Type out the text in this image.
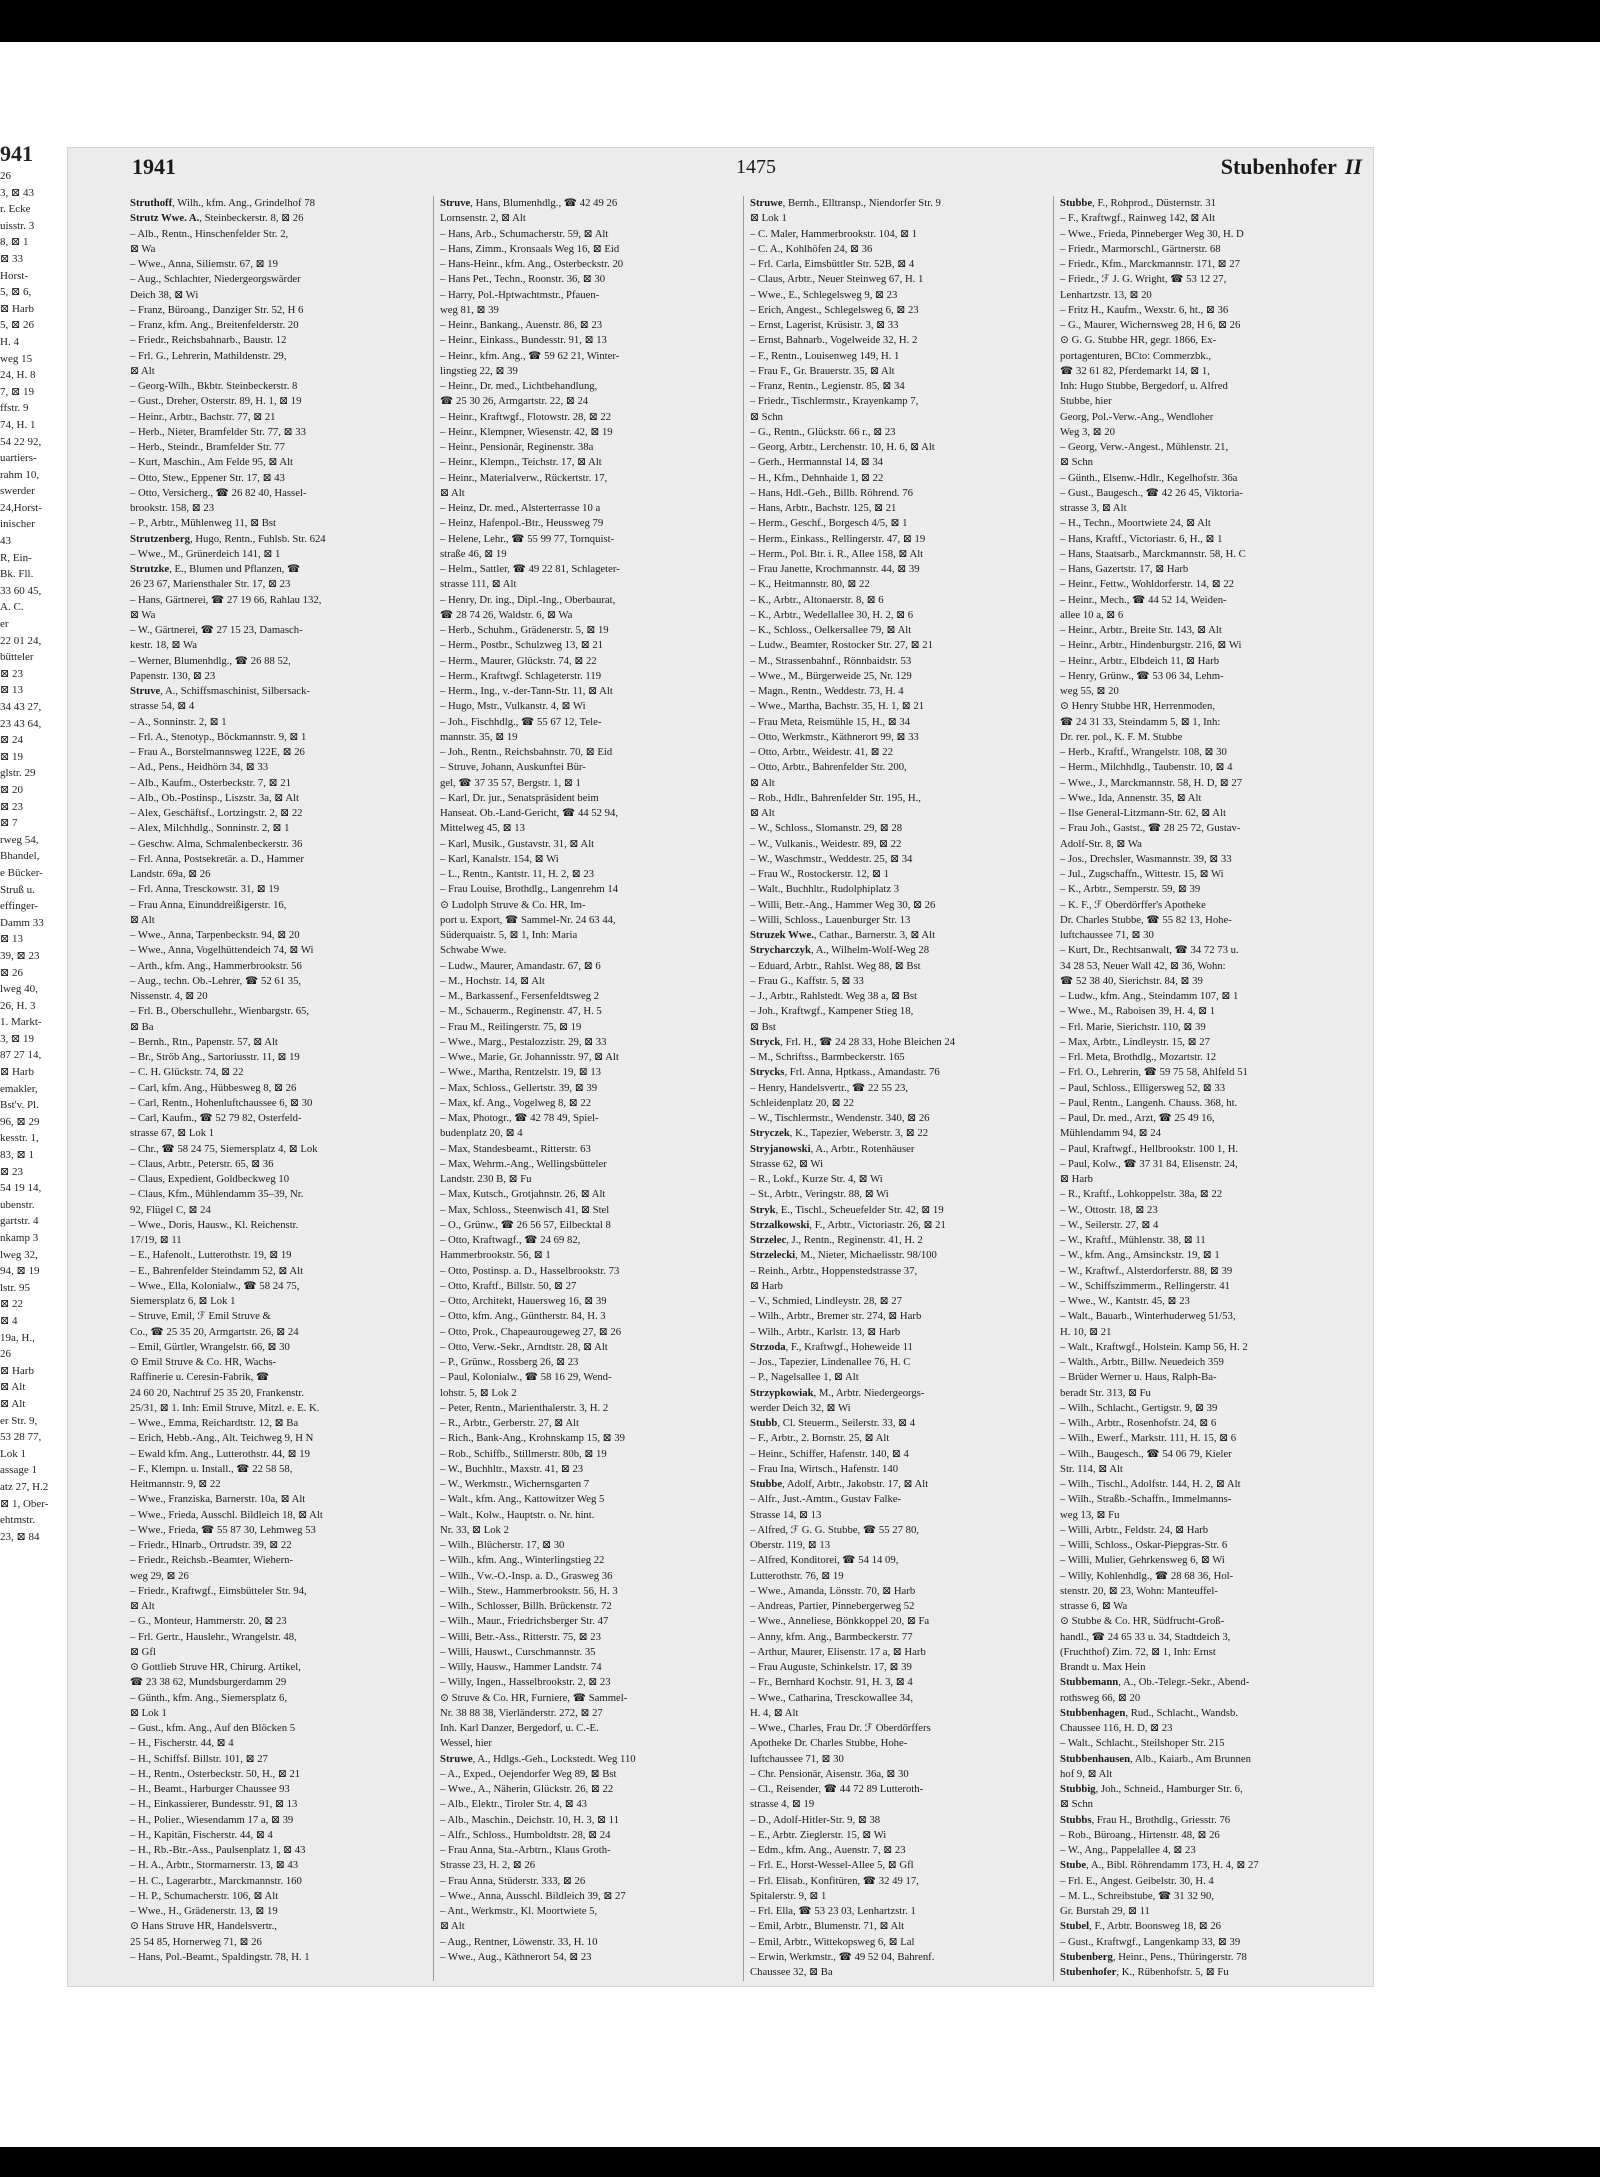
941
26
3, ⊠ 43
r. Ecke
uisstr. 3
8, ⊠ 1
⊠ 33
Horst-
5, ⊠ 6,
⊠ Harb
5, ⊠ 26
H. 4
weg 15
24, H. 8
7, ⊠ 19
ffstr. 9
74, H. 1
54 22 92,
uartiers-
rahm 10,
swerder
24,Horst-
inischer
43
R, Ein-
Bk. Fll.
33 60 45,
A. C.
er
22 01 24,
bütteler
⊠ 23
⊠ 13
34 43 27,
23 43 64,
⊠ 24
⊠ 19
glstr. 29
⊠ 20
⊠ 23
⊠ 7
rweg 54,
Bhandel,
e Bücker-
Struß u.
effinger-
Damm 33
⊠ 13
39, ⊠ 23
⊠ 26
lweg 40,
26, H. 3
1. Markt-
3, ⊠ 19
87 27 14,
⊠ Harb
emakler,
Bst'v. Pl.
96, ⊠ 29
kesstr. 1,
83, ⊠ 1
⊠ 23
54 19 14,
ubenstr.
gartstr. 4
nkamp 3
lweg 32,
94, ⊠ 19
lstr. 95
⊠ 22
⊠ 4
19a, H.,
26
⊠ Harb
⊠ Alt
⊠ Alt
er Str. 9,
53 28 77,
Lok 1
assage 1
atz 27, H.2
⊠ 1, Ober-
ehtmstr.
23, ⊠ 84
1941	1475	Stubenhofer II
Struthoff, Wilh., kfm. Ang., Grindelhof 78
Strutz Wwe. A., Steinbeckerstr. 8, ⊠ 26
– Alb., Rentn., Hinschenfelder Str. 2,
⊠ Wa
– Wwe., Anna, Siliemstr. 67, ⊠ 19
– Aug., Schlachter, Niedergeorgswärder
Deich 38, ⊠ Wi
– Franz, Büroang., Danziger Str. 52, H 6
– Franz, kfm. Ang., Breitenfelderstr. 20
– Friedr., Reichsbahnarb., Baustr. 12
– Frl. G., Lehrerin, Mathildenstr. 29,
⊠ Alt
– Georg-Wilh., Bkbtr. Steinbeckerstr. 8
– Gust., Dreher, Osterstr. 89, H. 1, ⊠ 19
– Heinr., Arbtr., Bachstr. 77, ⊠ 21
– Herb., Nieter, Bramfelder Str. 77, ⊠ 33
– Herb., Steindr., Bramfelder Str. 77
– Kurt, Maschin., Am Felde 95, ⊠ Alt
– Otto, Stew., Eppener Str. 17, ⊠ 43
– Otto, Versicherg., ☎ 26 82 40, Hassel-
brookstr. 158, ⊠ 23
– P., Arbtr., Mühlenweg 11, ⊠ Bst
Strutzenberg, Hugo, Rentn., Fuhlsb. Str. 624
– Wwe., M., Grünerdeich 141, ⊠ 1
Strutzke, E., Blumen und Pflanzen, ☎
26 23 67, Mariensthaler Str. 17, ⊠ 23
– Hans, Gärtnerei, ☎ 27 19 66, Rahlau 132,
⊠ Wa
– W., Gärtnerei, ☎ 27 15 23, Damasch-
kestr. 18, ⊠ Wa
– Werner, Blumenhdlg., ☎ 26 88 52,
Papenstr. 130, ⊠ 23
Struve, A., Schiffsmaschinist, Silbersack-
strasse 54, ⊠ 4
– A., Sonninstr. 2, ⊠ 1
– Frl. A., Stenotyp., Böckmannstr. 9, ⊠ 1
– Frau A., Borstelmannsweg 122E, ⊠ 26
– Ad., Pens., Heidhörn 34, ⊠ 33
– Alb., Kaufm., Osterbeckstr. 7, ⊠ 21
– Alb., Ob.-Postinsp., Liszstr. 3a, ⊠ Alt
– Alex, Geschäftsf., Lortzingstr. 2, ⊠ 22
– Alex, Milchhdlg., Sonninstr. 2, ⊠ 1
– Geschw. Alma, Schmalenbeckerstr. 36
– Frl. Anna, Postsekretär. a. D., Hammer
Landstr. 69a, ⊠ 26
– Frl. Anna, Tresckowstr. 31, ⊠ 19
– Frau Anna, Einunddreißigerstr. 16,
⊠ Alt
– Wwe., Anna, Tarpenbeckstr. 94, ⊠ 20
– Wwe., Anna, Vogelhüttendeich 74, ⊠ Wi
– Arth., kfm. Ang., Hammerbrookstr. 56
– Aug., techn. Ob.-Lehrer, ☎ 52 61 35,
Nissenstr. 4, ⊠ 20
– Frl. B., Oberschullehr., Wienbargstr. 65,
⊠ Ba
– Bernh., Rtn., Papenstr. 57, ⊠ Alt
– Br., Ströb Ang., Sartoriusstr. 11, ⊠ 19
– C. H. Glückstr. 74, ⊠ 22
– Carl, kfm. Ang., Hübbesweg 8, ⊠ 26
– Carl, Rentn., Hohenluftchaussee 6, ⊠ 30
– Carl, Kaufm., ☎ 52 79 82, Osterfeld-
strasse 67, ⊠ Lok 1
– Chr., ☎ 58 24 75, Siemersplatz 4, ⊠ Lok
– Claus, Arbtr., Peterstr. 65, ⊠ 36
– Claus, Expedient, Goldbeckweg 10
– Claus, Kfm., Mühlendamm 35–39, Nr.
92, Flügel C, ⊠ 24
– Wwe., Doris, Hausw., Kl. Reichenstr.
17/19, ⊠ 11
– E., Hafenolt., Lutterothstr. 19, ⊠ 19
– E., Bahrenfelder Steindamm 52, ⊠ Alt
– Wwe., Ella, Kolonialw., ☎ 58 24 75,
Siemersplatz 6, ⊠ Lok 1
– Struve, Emil, ℱ Emil Struve &
Co., ☎ 25 35 20, Armgartstr. 26, ⊠ 24
– Emil, Gürtler, Wrangelstr. 66, ⊠ 30
⊙ Emil Struve & Co. HR, Wachs-
Raffinerie u. Ceresin-Fabrik, ☎
24 60 20, Nachtruf 25 35 20, Frankenstr.
25/31, ⊠ 1. Inh: Emil Struve, Mitzl. e. E. K.
– Wwe., Emma, Reichardtstr. 12, ⊠ Ba
– Erich, Hebb.-Ang., Alt. Teichweg 9, H N
– Ewald kfm. Ang., Lutterothstr. 44, ⊠ 19
– F., Klempn. u. Install., ☎ 22 58 58,
Heitmannstr. 9, ⊠ 22
– Wwe., Franziska, Barnerstr. 10a, ⊠ Alt
– Wwe., Frieda, Ausschl. Bildleich 18, ⊠ Alt
– Wwe., Frieda, ☎ 55 87 30, Lehmweg 53
– Friedr., Hlnarb., Ortrudstr. 39, ⊠ 22
– Friedr., Reichsb.-Beamter, Wiehern-
weg 29, ⊠ 26
– Friedr., Kraftwgf., Eimsbütteler Str. 94,
⊠ Alt
– G., Monteur, Hammerstr. 20, ⊠ 23
– Frl. Gertr., Hauslehr., Wrangelstr. 48,
⊠ Gfl
⊙ Gottlieb Struve HR, Chirurg. Artikel,
☎ 23 38 62, Mundsburgerdamm 29
– Günth., kfm. Ang., Siemersplatz 6,
⊠ Lok 1
– Gust., kfm. Ang., Auf den Blöcken 5
– H., Fischerstr. 44, ⊠ 4
– H., Schiffsf. Billstr. 101, ⊠ 27
– H., Rentn., Osterbeckstr. 50, H., ⊠ 21
– H., Beamt., Harburger Chaussee 93
– H., Einkassierer, Bundesstr. 91, ⊠ 13
– H., Polier., Wiesendamm 17 a, ⊠ 39
– H., Kapitän, Fischerstr. 44, ⊠ 4
– H., Rb.-Btr.-Ass., Paulsenplatz 1, ⊠ 43
– H. A., Arbtr., Stormarnerstr. 13, ⊠ 43
– H. C., Lagerarbtr., Marckmannstr. 160
– H. P., Schumacherstr. 106, ⊠ Alt
– Wwe., H., Grädenerstr. 13, ⊠ 19
⊙ Hans Struve HR, Handelsvertr.,
25 54 85, Hornerweg 71, ⊠ 26
– Hans, Pol.-Beamt., Spaldingstr. 78, H. 1
Struve, Hans, Blumenhdlg., ☎ 42 49 26
Lornsenstr. 2, ⊠ Alt
– Hans, Arb., Schumacherstr. 59, ⊠ Alt
– Hans, Zimm., Kronsaals Weg 16, ⊠ Eid
– Hans-Heinr., kfm. Ang., Osterbeckstr. 20
– Hans Pet., Techn., Roonstr. 36, ⊠ 30
– Harry, Pol.-Hptwachtmstr., Pfauen-
weg 81, ⊠ 39
– Heinr., Bankang., Auenstr. 86, ⊠ 23
– Heinr., Einkass., Bundesstr. 91, ⊠ 13
– Heinr., kfm. Ang., ☎ 59 62 21, Winter-
lingstieg 22, ⊠ 39
– Heinr., Dr. med., Lichtbehandlung,
☎ 25 30 26, Armgartstr. 22, ⊠ 24
– Heinr., Kraftwgf., Flotowstr. 28, ⊠ 22
– Heinr., Klempner, Wiesenstr. 42, ⊠ 19
– Heinr., Pensionär, Reginenstr. 38a
– Heinr., Klempn., Teichstr. 17, ⊠ Alt
– Heinr., Materialverw., Rückertstr. 17,
⊠ Alt
– Heinz, Dr. med., Alsterterrasse 10 a
– Heinz, Hafenpol.-Btr., Heussweg 79
– Helene, Lehr., ☎ 55 99 77, Tornquist-
straße 46, ⊠ 19
– Helm., Sattler, ☎ 49 22 81, Schlageter-
strasse 111, ⊠ Alt
– Henry, Dr. ing., Dipl.-Ing., Oberbaurat,
☎ 28 74 26, Waldstr. 6, ⊠ Wa
– Herb., Schuhm., Grädenerstr. 5, ⊠ 19
– Herm., Postbr., Schulzweg 13, ⊠ 21
– Herm., Maurer, Glückstr. 74, ⊠ 22
– Herm., Kraftwgf. Schlageterstr. 119
– Herm., Ing., v.-der-Tann-Str. 11, ⊠ Alt
– Hugo, Mstr., Vulkanstr. 4, ⊠ Wi
– Joh., Fischhdlg., ☎ 55 67 12, Tele-
mannstr. 35, ⊠ 19
– Joh., Rentn., Reichsbahnstr. 70, ⊠ Eid
– Struve, Johann, Auskunftei Bür-
gel, ☎ 37 35 57, Bergstr. 1, ⊠ 1
– Karl, Dr. jur., Senatspräsident beim
Hanseat. Ob.-Land-Gericht, ☎ 44 52 94,
Mittelweg 45, ⊠ 13
– Karl, Musik., Gustavstr. 31, ⊠ Alt
– Karl, Kanalstr. 154, ⊠ Wi
– L., Rentn., Kantstr. 11, H. 2, ⊠ 23
– Frau Louise, Brothdlg., Langenrehm 14
⊙ Ludolph Struve & Co. HR, Im-
port u. Export, ☎ Sammel-Nr. 24 63 44,
Süderquaistr. 5, ⊠ 1, Inh: Maria
Schwabe Wwe.
– Ludw., Maurer, Amandastr. 67, ⊠ 6
– M., Hochstr. 14, ⊠ Alt
– M., Barkassenf., Fersenfeldtsweg 2
– M., Schauerm., Reginenstr. 47, H. 5
– Frau M., Reilingerstr. 75, ⊠ 19
– Wwe., Marg., Pestalozzistr. 29, ⊠ 33
– Wwe., Marie, Gr. Johannisstr. 97, ⊠ Alt
– Wwe., Martha, Rentzelstr. 19, ⊠ 13
– Max, Schloss., Gellertstr. 39, ⊠ 39
– Max, kf. Ang., Vogelweg 8, ⊠ 22
– Max, Photogr., ☎ 42 78 49, Spiel-
budenplatz 20, ⊠ 4
– Max, Standesbeamt., Ritterstr. 63
– Max, Wehrm.-Ang., Wellingsbütteler
Landstr. 230 B, ⊠ Fu
– Max, Kutsch., Grotjahnstr. 26, ⊠ Alt
– Max, Schloss., Steenwisch 41, ⊠ Stel
– O., Grünw., ☎ 26 56 57, Eilbecktal 8
– Otto, Kraftwagf., ☎ 24 69 82,
Hammerbrookstr. 56, ⊠ 1
– Otto, Postinsp. a. D., Hasselbrookstr. 73
– Otto, Kraftf., Billstr. 50, ⊠ 27
– Otto, Architekt, Hauersweg 16, ⊠ 39
– Otto, kfm. Ang., Güntherstr. 84, H. 3
– Otto, Prok., Chapeaurougeweg 27, ⊠ 26
– Otto, Verw.-Sekr., Arndtstr. 28, ⊠ Alt
– P., Grünw., Rossberg 26, ⊠ 23
– Paul, Kolonialw., ☎ 58 16 29, Wend-
lohstr. 5, ⊠ Lok 2
– Peter, Rentn., Marienthalerstr. 3, H. 2
– R., Arbtr., Gerberstr. 27, ⊠ Alt
– Rich., Bank-Ang., Krohnskamp 15, ⊠ 39
– Rob., Schiffb., Stillmerstr. 80b, ⊠ 19
– W., Buchhltr., Maxstr. 41, ⊠ 23
– W., Werkmstr., Wichernsgarten 7
– Walt., kfm. Ang., Kattowitzer Weg 5
– Walt., Kolw., Hauptstr. o. Nr. hint.
Nr. 33, ⊠ Lok 2
– Wilh., Blücherstr. 17, ⊠ 30
– Wilh., kfm. Ang., Winterlingstieg 22
– Wilh., Vw.-O.-Insp. a. D., Grasweg 36
– Wilh., Stew., Hammerbrookstr. 56, H. 3
– Wilh., Schlosser, Billh. Brückenstr. 72
– Wilh., Maur., Friedrichsberger Str. 47
– Willi, Betr.-Ass., Ritterstr. 75, ⊠ 23
– Willi, Hauswt., Curschmannstr. 35
– Willy, Hausw., Hammer Landstr. 74
– Willy, Ingen., Hasselbrookstr. 2, ⊠ 23
⊙ Struve & Co. HR, Furniere, ☎ Sammel-
Nr. 38 88 38, Vierländerstr. 272, ⊠ 27
Inh. Karl Danzer, Bergedorf, u. C.-E.
Wessel, hier
Struwe, A., Hdlgs.-Geh., Lockstedt. Weg 110
– A., Exped., Oejendorfer Weg 89, ⊠ Bst
– Wwe., A., Näherin, Glückstr. 26, ⊠ 22
– Alb., Elektr., Tiroler Str. 4, ⊠ 43
– Alb., Maschin., Deichstr. 10, H. 3, ⊠ 11
– Alfr., Schloss., Humboldtstr. 28, ⊠ 24
– Frau Anna, Sta.-Arbtrn., Klaus Groth-
Strasse 23, H. 2, ⊠ 26
– Frau Anna, Stüderstr. 333, ⊠ 26
– Wwe., Anna, Ausschl. Bildleich 39, ⊠ 27
– Ant., Werkmstr., Kl. Moortwiete 5,
⊠ Alt
– Aug., Rentner, Löwenstr. 33, H. 10
– Wwe., Aug., Käthnerort 54, ⊠ 23
Struwe, Bernh., Elltransp., Niendorfer Str. 9
⊠ Lok 1
– C. Maler, Hammerbrookstr. 104, ⊠ 1
– C. A., Kohlhöfen 24, ⊠ 36
– Frl. Carla, Eimsbüttler Str. 52B, ⊠ 4
– Claus, Arbtr., Neuer Steinweg 67, H. 1
– Wwe., E., Schlegelsweg 9, ⊠ 23
– Erich, Angest., Schlegelsweg 6, ⊠ 23
– Ernst, Lagerist, Krüsistr. 3, ⊠ 33
– Ernst, Bahnarb., Vogelweide 32, H. 2
– F., Rentn., Louisenweg 149, H. 1
– Frau F., Gr. Brauerstr. 35, ⊠ Alt
– Franz, Rentn., Legienstr. 85, ⊠ 34
– Friedr., Tischlermstr., Krayenkamp 7,
⊠ Schn
– G., Rentn., Glückstr. 66 r., ⊠ 23
– Georg, Arbtr., Lerchenstr. 10, H. 6, ⊠ Alt
– Gerh., Hermannstal 14, ⊠ 34
– H., Kfm., Dehnhaide 1, ⊠ 22
– Hans, Hdl.-Geh., Billb. Röhrend. 76
– Hans, Arbtr., Bachstr. 125, ⊠ 21
– Herm., Geschf., Borgesch 4/5, ⊠ 1
– Herm., Einkass., Rellingerstr. 47, ⊠ 19
– Herm., Pol. Btr. i. R., Allee 158, ⊠ Alt
– Frau Janette, Krochmannstr. 44, ⊠ 39
– K., Heitmannstr. 80, ⊠ 22
– K., Arbtr., Altonaerstr. 8, ⊠ 6
– K., Arbtr., Wedellallee 30, H. 2, ⊠ 6
– K., Schloss., Oelkersallee 79, ⊠ Alt
– Ludw., Beamter, Rostocker Str. 27, ⊠ 21
– M., Strassenbahnf., Rönnbaidstr. 53
– Wwe., M., Bürgerweide 25, Nr. 129
– Magn., Rentn., Weddestr. 73, H. 4
– Wwe., Martha, Bachstr. 35, H. 1, ⊠ 21
– Frau Meta, Reismühle 15, H., ⊠ 34
– Otto, Werkmstr., Käthnerort 99, ⊠ 33
– Otto, Arbtr., Weidestr. 41, ⊠ 22
– Otto, Arbtr., Bahrenfelder Str. 200,
⊠ Alt
– Rob., Hdlr., Bahrenfelder Str. 195, H.,
⊠ Alt
– W., Schloss., Slomanstr. 29, ⊠ 28
– W., Vulkanis., Weidestr. 89, ⊠ 22
– W., Waschmstr., Weddestr. 25, ⊠ 34
– Frau W., Rostockerstr. 12, ⊠ 1
– Walt., Buchhltr., Rudolphiplatz 3
– Willi, Betr.-Ang., Hammer Weg 30, ⊠ 26
– Willi, Schloss., Lauenburger Str. 13
Struzek Wwe., Cathar., Barnerstr. 3, ⊠ Alt
Strycharczyk, A., Wilhelm-Wolf-Weg 28
– Eduard, Arbtr., Rahlst. Weg 88, ⊠ Bst
– Frau G., Kaffstr. 5, ⊠ 33
– J., Arbtr., Rahlstedt. Weg 38 a, ⊠ Bst
– Joh., Kraftwgf., Kampener Stieg 18,
⊠ Bst
Stryck, Frl. H., ☎ 24 28 33, Hohe Bleichen 24
– M., Schriftss., Barmbeckerstr. 165
Strycks, Frl. Anna, Hptkass., Amandastr. 76
– Henry, Handelsvertr., ☎ 22 55 23,
Schleidenplatz 20, ⊠ 22
– W., Tischlermstr., Wendenstr. 340, ⊠ 26
Stryczek, K., Tapezier, Weberstr. 3, ⊠ 22
Stryjanowski, A., Arbtr., Rotenhäuser
Strasse 62, ⊠ Wi
– R., Lokf., Kurze Str. 4, ⊠ Wi
– St., Arbtr., Veringstr. 88, ⊠ Wi
Stryk, E., Tischl., Scheuefelder Str. 42, ⊠ 19
Strzalkowski, F., Arbtr., Victoriastr. 26, ⊠ 21
Strzelec, J., Rentn., Reginenstr. 41, H. 2
Strzelecki, M., Nieter, Michaelisstr. 98/100
– Reinh., Arbtr., Hoppenstedstrasse 37,
⊠ Harb
– V., Schmied, Lindleystr. 28, ⊠ 27
– Wilh., Arbtr., Bremer str. 274, ⊠ Harb
– Wilh., Arbtr., Karlstr. 13, ⊠ Harb
Strzoda, F., Kraftwgf., Hoheweide 11
– Jos., Tapezier, Lindenallee 76, H. C
– P., Nagelsallee 1, ⊠ Alt
Strzypkowiak, M., Arbtr. Niedergeorgs-
werder Deich 32, ⊠ Wi
Stubb, Cl. Steuerm., Seilerstr. 33, ⊠ 4
– F., Arbtr., 2. Bornstr. 25, ⊠ Alt
– Heinr., Schiffer, Hafenstr. 140, ⊠ 4
– Frau Ina, Wirtsch., Hafenstr. 140
Stubbe, Adolf, Arbtr., Jakobstr. 17, ⊠ Alt
– Alfr., Just.-Amtm., Gustav Falke-
Strasse 14, ⊠ 13
– Alfred, ℱ G. G. Stubbe, ☎ 55 27 80,
Oberstr. 119, ⊠ 13
– Alfred, Konditorei, ☎ 54 14 09,
Lutterothstr. 76, ⊠ 19
– Wwe., Amanda, Lönsstr. 70, ⊠ Harb
– Andreas, Partier, Pinnebergerweg 52
– Wwe., Anneliese, Bönkkoppel 20, ⊠ Fa
– Anny, kfm. Ang., Barmbeckerstr. 77
– Arthur, Maurer, Elisenstr. 17 a, ⊠ Harb
– Frau Auguste, Schinkelstr. 17, ⊠ 39
– Fr., Bernhard Kochstr. 91, H. 3, ⊠ 4
– Wwe., Catharina, Tresckowallee 34,
H. 4, ⊠ Alt
– Wwe., Charles, Frau Dr. ℱ Oberdörffers
Apotheke Dr. Charles Stubbe, Hohe-
luftchaussee 71, ⊠ 30
– Chr. Pensionär, Aisenstr. 36a, ⊠ 30
– Cl., Reisender, ☎ 44 72 89 Lutteroth-
strasse 4, ⊠ 19
– D., Adolf-Hitler-Str. 9, ⊠ 38
– E., Arbtr. Zieglerstr. 15, ⊠ Wi
– Edm., kfm. Ang., Auenstr. 7, ⊠ 23
– Frl. E., Horst-Wessel-Allee 5, ⊠ Gfl
– Frl. Elisab., Konfitüren, ☎ 32 49 17,
Spitalerstr. 9, ⊠ 1
– Frl. Ella, ☎ 53 23 03, Lenhartzstr. 1
– Emil, Arbtr., Blumenstr. 71, ⊠ Alt
– Emil, Arbtr., Wittekopsweg 6, ⊠ Lal
– Erwin, Werkmstr., ☎ 49 52 04, Bahrenf.
Chaussee 32, ⊠ Ba
Stubbe, F., Rohprod., Düsternstr. 31
– F., Kraftwgf., Rainweg 142, ⊠ Alt
– Wwe., Frieda, Pinneberger Weg 30, H. D
– Friedr., Marmorschl., Gärtnerstr. 68
– Friedr., Kfm., Marckmannstr. 171, ⊠ 27
– Friedr., ℱ J. G. Wright, ☎ 53 12 27,
Lenhartzstr. 13, ⊠ 20
– Fritz H., Kaufm., Wexstr. 6, ht., ⊠ 36
– G., Maurer, Wichernsweg 28, H 6, ⊠ 26
⊙ G. G. Stubbe HR, gegr. 1866, Ex-
portagenturen, BCto: Commerzbk.,
☎ 32 61 82, Pferdemarkt 14, ⊠ 1,
Inh: Hugo Stubbe, Bergedorf, u. Alfred
Stubbe, hier
Georg, Pol.-Verw.-Ang., Wendloher
Weg 3, ⊠ 20
– Georg, Verw.-Angest., Mühlenstr. 21,
⊠ Schn
– Günth., Elsenw.-Hdlr., Kegelhofstr. 36a
– Gust., Baugesch., ☎ 42 26 45, Viktoria-
strasse 3, ⊠ Alt
– H., Techn., Moortwiete 24, ⊠ Alt
– Hans, Kraftf., Victoriastr. 6, H., ⊠ 1
– Hans, Staatsarb., Marckmannstr. 58, H. C
– Hans, Gazertstr. 17, ⊠ Harb
– Heinr., Fettw., Wohldorferstr. 14, ⊠ 22
– Heinr., Mech., ☎ 44 52 14, Weiden-
allee 10 a, ⊠ 6
– Heinr., Arbtr., Breite Str. 143, ⊠ Alt
– Heinr., Arbtr., Hindenburgstr. 216, ⊠ Wi
– Heinr., Arbtr., Elbdeich 11, ⊠ Harb
– Henry, Grünw., ☎ 53 06 34, Lehm-
weg 55, ⊠ 20
⊙ Henry Stubbe HR, Herrenmoden,
☎ 24 31 33, Steindamm 5, ⊠ 1, Inh:
Dr. rer. pol., K. F. M. Stubbe
– Herb., Kraftf., Wrangelstr. 108, ⊠ 30
– Herm., Milchhdlg., Taubenstr. 10, ⊠ 4
– Wwe., J., Marckmannstr. 58, H. D, ⊠ 27
– Wwe., Ida, Annenstr. 35, ⊠ Alt
– Ilse General-Litzmann-Str. 62, ⊠ Alt
– Frau Joh., Gastst., ☎ 28 25 72, Gustav-
Adolf-Str. 8, ⊠ Wa
– Jos., Drechsler, Wasmannstr. 39, ⊠ 33
– Jul., Zugschaffn., Wittestr. 15, ⊠ Wi
– K., Arbtr., Semperstr. 59, ⊠ 39
– K. F., ℱ Oberdörffer's Apotheke
Dr. Charles Stubbe, ☎ 55 82 13, Hohe-
luftchaussee 71, ⊠ 30
– Kurt, Dr., Rechtsanwalt, ☎ 34 72 73 u.
34 28 53, Neuer Wall 42, ⊠ 36, Wohn:
☎ 52 38 40, Sierichstr. 84, ⊠ 39
– Ludw., kfm. Ang., Steindamm 107, ⊠ 1
– Wwe., M., Raboisen 39, H. 4, ⊠ 1
– Frl. Marie, Sierichstr. 110, ⊠ 39
– Max, Arbtr., Lindleystr. 15, ⊠ 27
– Frl. Meta, Brothdlg., Mozartstr. 12
– Frl. O., Lehrerin, ☎ 59 75 58, Ahlfeld 51
– Paul, Schloss., Elligersweg 52, ⊠ 33
– Paul, Rentn., Langenh. Chauss. 368, ht.
– Paul, Dr. med., Arzt, ☎ 25 49 16,
Mühlendamm 94, ⊠ 24
– Paul, Kraftwgf., Hellbrookstr. 100 1, H.
– Paul, Kolw., ☎ 37 31 84, Elisenstr. 24,
⊠ Harb
– R., Kraftf., Lohkoppelstr. 38a, ⊠ 22
– W., Ottostr. 18, ⊠ 23
– W., Seilerstr. 27, ⊠ 4
– W., Kraftf., Mühlenstr. 38, ⊠ 11
– W., kfm. Ang., Amsinckstr. 19, ⊠ 1
– W., Kraftwf., Alsterdorferstr. 88, ⊠ 39
– W., Schiffszimmerm., Rellingerstr. 41
– Wwe., W., Kantstr. 45, ⊠ 23
– Walt., Bauarb., Winterhuderweg 51/53,
H. 10, ⊠ 21
– Walt., Kraftwgf., Holstein. Kamp 56, H. 2
– Walth., Arbtr., Billw. Neuedeich 359
– Brüder Werner u. Haus, Ralph-Ba-
beradt Str. 313, ⊠ Fu
– Wilh., Schlacht., Gertigstr. 9, ⊠ 39
– Wilh., Arbtr., Rosenhofstr. 24, ⊠ 6
– Wilh., Ewerf., Markstr. 111, H. 15, ⊠ 6
– Wilh., Baugesch., ☎ 54 06 79, Kieler
Str. 114, ⊠ Alt
– Wilh., Tischl., Adolfstr. 144, H. 2, ⊠ Alt
– Wilh., Straßb.-Schaffn., Immelmanns-
weg 13, ⊠ Fu
– Willi, Arbtr., Feldstr. 24, ⊠ Harb
– Willi, Schloss., Oskar-Piepgras-Str. 6
– Willi, Mulier, Gehrkensweg 6, ⊠ Wi
– Willy, Kohlenhdlg., ☎ 28 68 36, Hol-
stenstr. 20, ⊠ 23, Wohn: Manteuffel-
strasse 6, ⊠ Wa
⊙ Stubbe & Co. HR, Südfrucht-Groß-
handl., ☎ 24 65 33 u. 34, Stadtdeich 3,
(Fruchthof) Zim. 72, ⊠ 1, Inh: Ernst
Brandt u. Max Hein
Stubbemann, A., Ob.-Telegr.-Sekr., Abend-
rothsweg 66, ⊠ 20
Stubbenhagen, Rud., Schlacht., Wandsb.
Chaussee 116, H. D, ⊠ 23
– Walt., Schlacht., Steilshoper Str. 215
Stubbenhausen, Alb., Kaiarb., Am Brunnen
hof 9, ⊠ Alt
Stubbig, Joh., Schneid., Hamburger Str. 6,
⊠ Schn
Stubbs, Frau H., Brothdlg., Griesstr. 76
– Rob., Büroang., Hirtenstr. 48, ⊠ 26
– W., Ang., Pappelallee 4, ⊠ 23
Stube, A., Bibl. Röhrendamm 173, H. 4, ⊠ 27
– Frl. E., Angest. Geibelstr. 30, H. 4
– M. L., Schreibstube, ☎ 31 32 90,
Gr. Burstah 29, ⊠ 11
Stubel, F., Arbtr. Boonsweg 18, ⊠ 26
– Gust., Kraftwgf., Langenkamp 33, ⊠ 39
Stubenberg, Heinr., Pens., Thüringerstr. 78
Stubenhofer, K., Rübenhofstr. 5, ⊠ Fu
